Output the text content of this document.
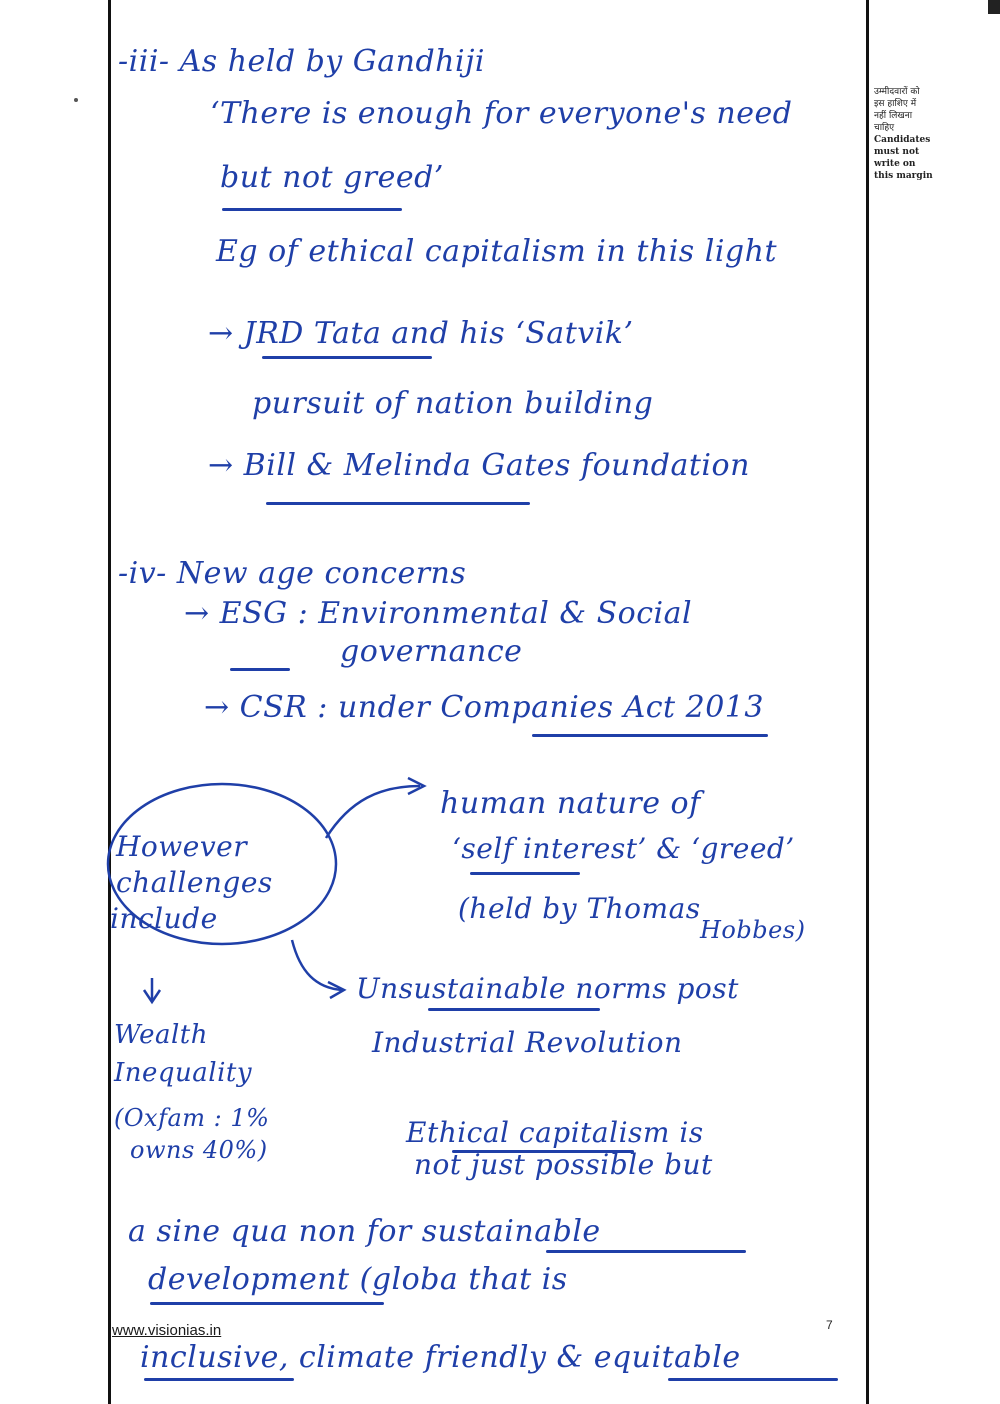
उम्मीदवारों को
इस हाशिए में
नहीं लिखना
चाहिए
Candidates
must not
write on
this margin
-iii- As held by Gandhiji
‘There is enough for everyone's need
but not greed’
Eg of ethical capitalism in this light
→ JRD Tata and his ‘Satvik’
pursuit of nation building
→ Bill & Melinda Gates foundation
-iv- New age concerns
→ ESG : Environmental & Social
governance
→ CSR : under Companies Act 2013
However
challenges
include
human nature of
‘self interest’ & ‘greed’
(held by Thomas
Hobbes)
Unsustainable norms post
Industrial Revolution
Wealth
Inequality
(Oxfam : 1%
owns 40%)
Ethical capitalism is
not just possible but
a sine qua non for sustainable
development (globa that is
inclusive, climate friendly & equitable
www.visionias.in	7
